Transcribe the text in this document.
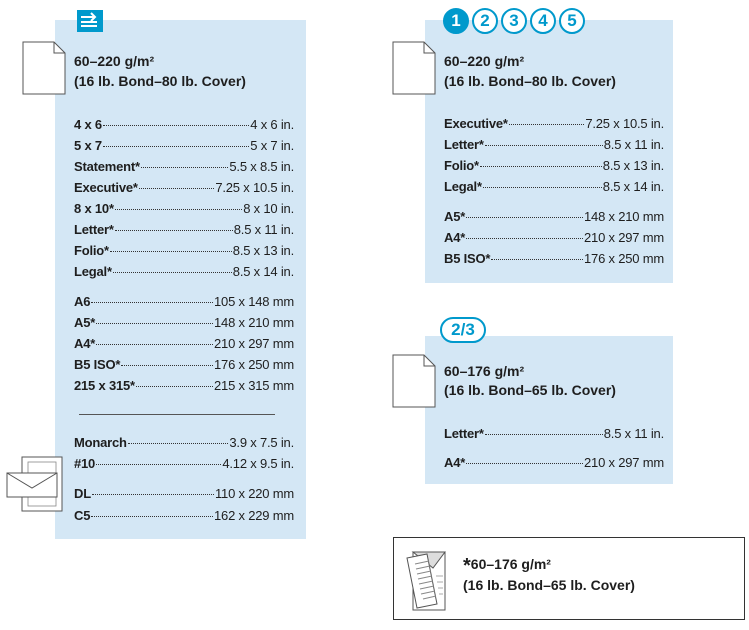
60–220 g/m²
(16 lb. Bond–80 lb. Cover)
4 x 6	4 x 6 in.
5 x 7	5 x 7 in.
Statement*	5.5 x 8.5 in.
Executive*	7.25 x 10.5 in.
8 x 10*	8 x 10 in.
Letter*	8.5 x 11 in.
Folio*	8.5 x 13 in.
Legal*	8.5 x 14 in.
A6	105 x 148 mm
A5*	148 x 210 mm
A4*	210 x 297 mm
B5 ISO*	176 x 250 mm
215 x 315*	215 x 315 mm
Monarch	3.9 x 7.5 in.
#10	4.12 x 9.5 in.
DL	110 x 220 mm
C5	162 x 229 mm
1	2	3	4	5
60–220 g/m²
(16 lb. Bond–80 lb. Cover)
Executive*	7.25 x 10.5 in.
Letter*	8.5 x 11 in.
Folio*	8.5 x 13 in.
Legal*	8.5 x 14 in.
A5*	148 x 210 mm
A4*	210 x 297 mm
B5 ISO*	176 x 250 mm
2/3
60–176 g/m²
(16 lb. Bond–65 lb. Cover)
Letter*	8.5 x 11 in.
A4*	210 x 297 mm
*60–176 g/m²
(16 lb. Bond–65 lb. Cover)
